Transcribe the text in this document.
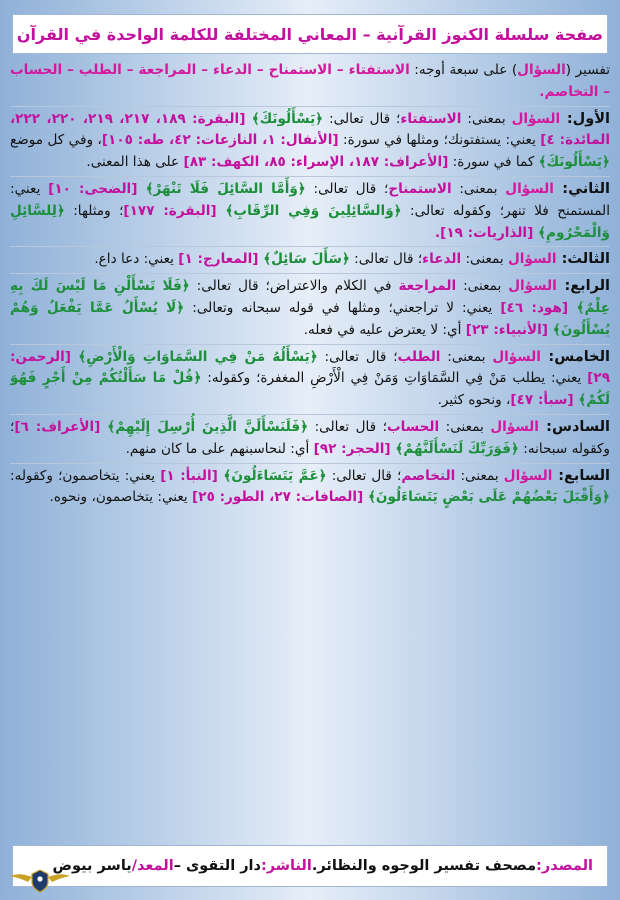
صفحة سلسلة الكنوز القرآنية – المعاني المختلفة للكلمة الواحدة في القرآن

تفسير (السؤال) على سبعة أوجه: الاستفتاء – الاستمناح – الدعاء – المراجعة – الطلب – الحساب – التخاصم.

الأول: السؤال بمعنى: الاستفتاء؛ قال تعالى: ﴿يَسْأَلُونَكَ﴾ [البقرة: ١٨٩، ٢١٧، ٢١٩، ٢٢٠، ٢٢٢، المائدة: ٤] يعني: يستفتونك؛ ومثلها في سورة: [الأنفال: ١، النازعات: ٤٢، طه: ١٠٥]، وفي كل موضع ﴿يَسْأَلُونَكَ﴾ كما في سورة: [الأعراف: ١٨٧، الإسراء: ٨٥، الكهف: ٨٣] على هذا المعنى.

الثاني: السؤال بمعنى: الاستمناح؛ قال تعالى: ﴿وَأَمَّا السَّائِلَ فَلَا تَنْهَرْ﴾ [الضحى: ١٠] يعني: المستمنح فلا تنهر؛ وكقوله تعالى: ﴿وَالسَّائِلِينَ وَفِي الرِّقَابِ﴾ [البقرة: ١٧٧]؛ ومثلها: ﴿لِلسَّائِلِ وَالْمَحْرُومِ﴾ [الذاريات: ١٩].

الثالث: السؤال بمعنى: الدعاء؛ قال تعالى: ﴿سَأَلَ سَائِلٌ﴾ [المعارج: ١] يعني: دعا داع.

الرابع: السؤال بمعنى: المراجعة في الكلام والاعتراض؛ قال تعالى: ﴿فَلَا تَسْأَلْنِ مَا لَيْسَ لَكَ بِهِ عِلْمٌ﴾ [هود: ٤٦] يعني: لا تراجعني؛ ومثلها في قوله سبحانه وتعالى: ﴿لَا يُسْأَلُ عَمَّا يَفْعَلُ وَهُمْ يُسْأَلُونَ﴾ [الأنبياء: ٢٣] أي: لا يعترض عليه في فعله.

الخامس: السؤال بمعنى: الطلب؛ قال تعالى: ﴿يَسْأَلُهُ مَنْ فِي السَّمَاوَاتِ وَالْأَرْضِ﴾ [الرحمن: ٢٩] يعني: يطلب مَنْ فِي السَّمَاوَاتِ وَمَنْ فِي الْأَرْضِ المغفرة؛ وكقوله: ﴿قُلْ مَا سَأَلْتُكُمْ مِنْ أَجْرٍ فَهُوَ لَكُمْ﴾ [سبأ: ٤٧]، ونحوه كثير.

السادس: السؤال بمعنى: الحساب؛ قال تعالى: ﴿فَلَنَسْأَلَنَّ الَّذِينَ أُرْسِلَ إِلَيْهِمْ﴾ [الأعراف: ٦]؛ وكقوله سبحانه: ﴿فَوَرَبِّكَ لَنَسْأَلَنَّهُمْ﴾ [الحجر: ٩٢] أي: لنحاسبنهم على ما كان منهم.

السابع: السؤال بمعنى: التخاصم؛ قال تعالى: ﴿عَمَّ يَتَسَاءَلُونَ﴾ [النبأ: ١] يعني: يتخاصمون؛ وكقوله: ﴿وَأَقْبَلَ بَعْضُهُمْ عَلَى بَعْضٍ يَتَسَاءَلُونَ﴾ [الصافات: ٢٧، الطور: ٢٥] يعني: يتخاصمون، ونحوه.

المصدر:
مصحف تفسير الوجوه والنظائر.
الناشر:
دار التقوى –
المعد/
ياسر بيوض
